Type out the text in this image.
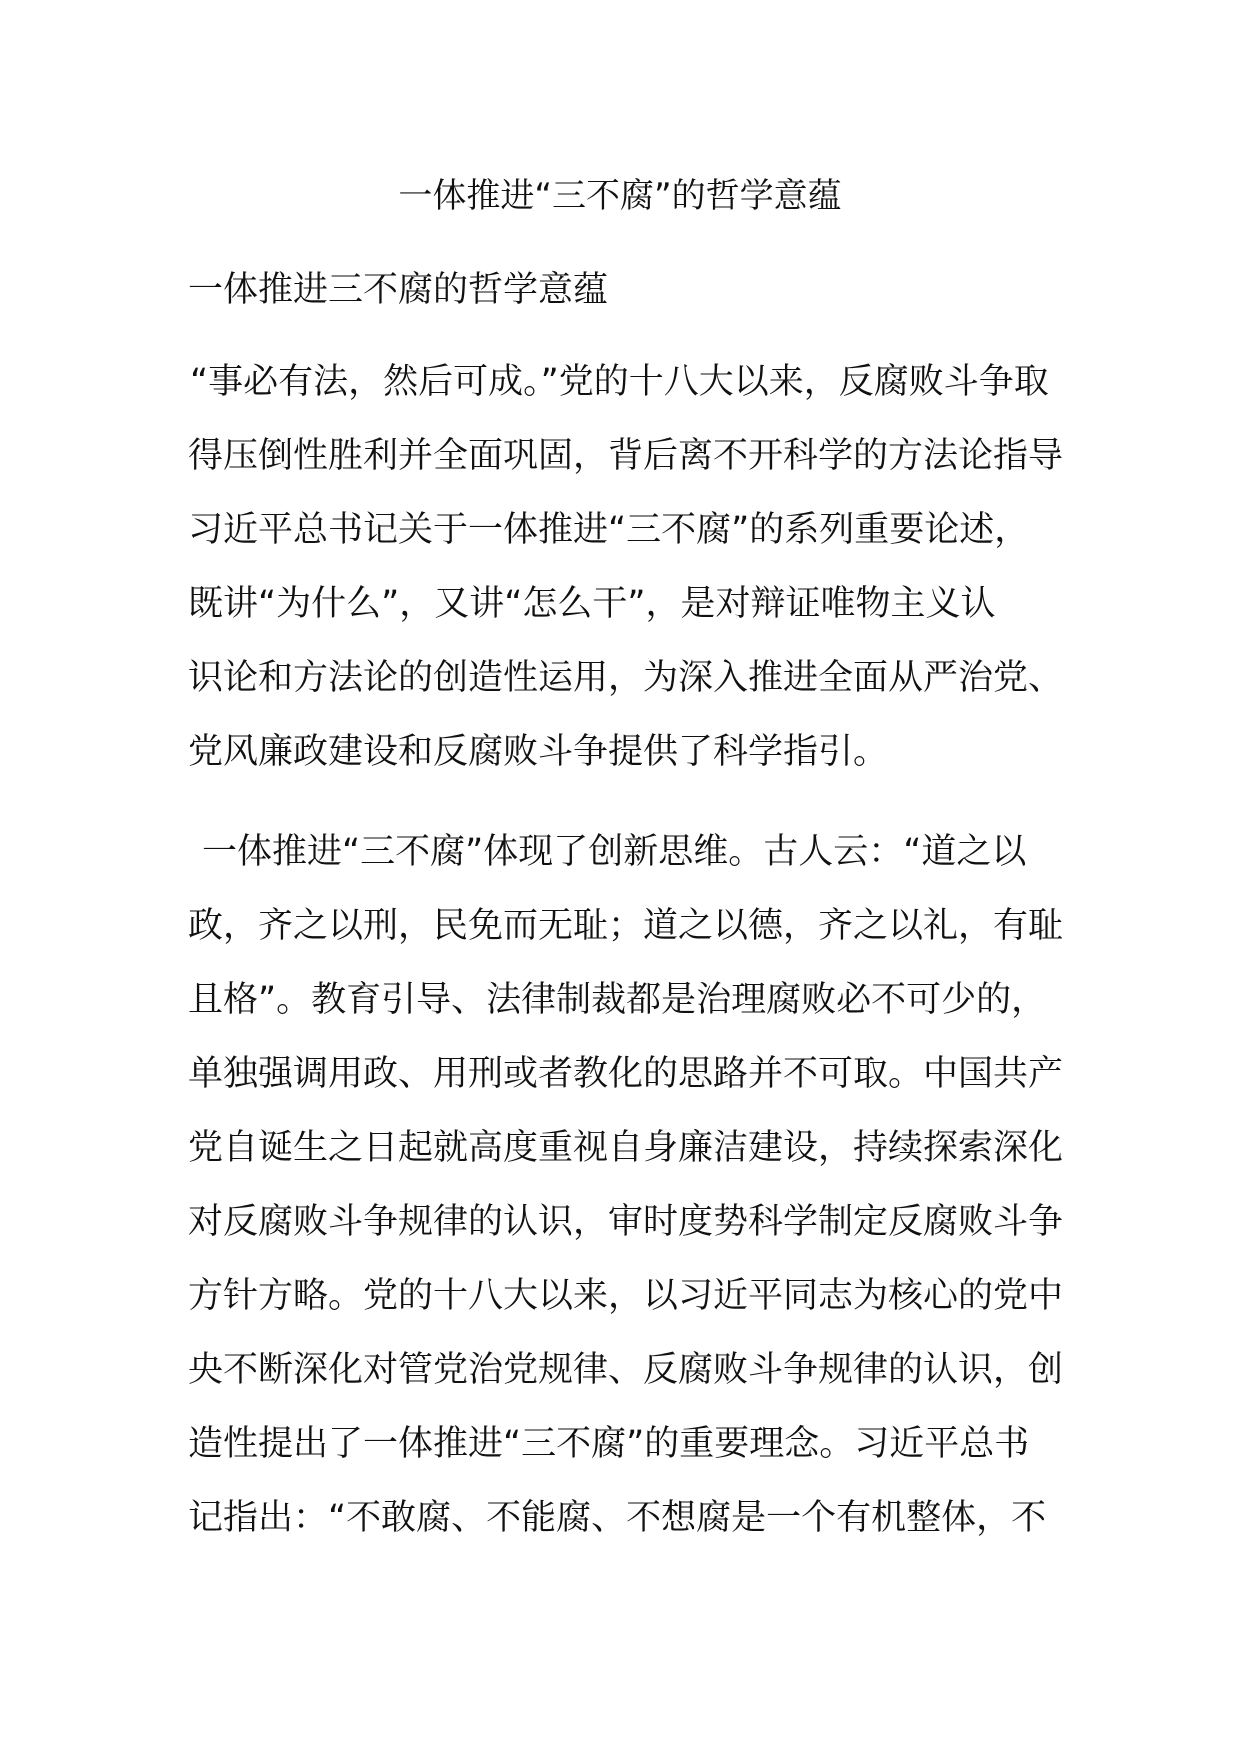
一体推进“三不腐”的哲学意蕴
一体推进三不腐的哲学意蕴
“事必有法，然后可成。”党的十八大以来，反腐败斗争取
得压倒性胜利并全面巩固，背后离不开科学的方法论指导
习近平总书记关于一体推进“三不腐”的系列重要论述，
既讲“为什么”，又讲“怎么干”，是对辩证唯物主义认
识论和方法论的创造性运用，为深入推进全面从严治党、
党风廉政建设和反腐败斗争提供了科学指引。
一体推进“三不腐”体现了创新思维。古人云：“道之以
政，齐之以刑，民免而无耻；道之以德，齐之以礼，有耻
且格”。教育引导、法律制裁都是治理腐败必不可少的，
单独强调用政、用刑或者教化的思路并不可取。中国共产
党自诞生之日起就高度重视自身廉洁建设，持续探索深化
对反腐败斗争规律的认识，审时度势科学制定反腐败斗争
方针方略。党的十八大以来，以习近平同志为核心的党中
央不断深化对管党治党规律、反腐败斗争规律的认识，创
造性提出了一体推进“三不腐”的重要理念。习近平总书
记指出：“不敢腐、不能腐、不想腐是一个有机整体，不
